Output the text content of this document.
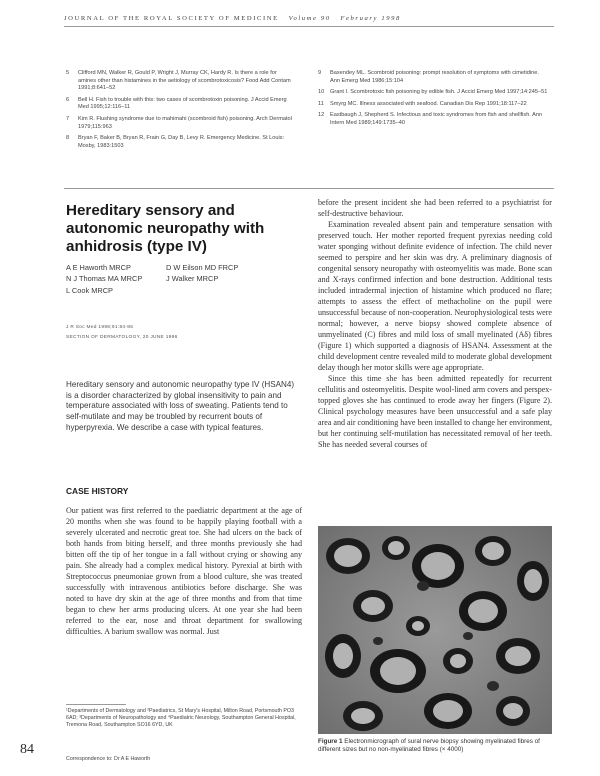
JOURNAL OF THE ROYAL SOCIETY OF MEDICINE Volume 90 February 1998
5	Clifford MN, Walker R, Gould P, Wright J, Murray CK, Hardy R. Is there a role for amines other than histamines in the aetiology of scombrotoxicosis? Food Add Contam 1991;8:641–52
6	Bell H. Fish to trouble with this: two cases of scombrotoxin poisoning. J Accid Emerg Med 1995;12:116–11
7	Kim R. Flushing syndrome due to mahimahi (scombroid fish) poisoning. Arch Dermatol 1979;115:963
8	Bryan F, Baker B, Bryan R, Frain G, Day B, Levy R. Emergency Medicine. St Louis: Mosby, 1983:1503
9	Baxendey ML. Scombroid poisoning: prompt resolution of symptoms with cimetidine. Ann Emerg Med 1986;15:104
10	Grant I. Scombrotoxic fish poisoning by edible fish. J Accid Emerg Med 1997;14:245–51
11	Smyrg MC. Illness associated with seafood. Canadian Dis Rep 1991;18:117–22
12	Eastbaugh J, Shepherd S. Infectious and toxic syndromes from fish and shellfish. Ann Intern Med 1989;149:1735–40
Hereditary sensory and autonomic neuropathy with anhidrosis (type IV)
A E Haworth MRCP	D W Eilson MD FRCP
N J Thomas MA MRCP	J Walker MRCP
L Cook MRCP
J R Soc Med 1998;91:84-86
SECTION OF DERMATOLOGY, 20 JUNE 1996
Hereditary sensory and autonomic neuropathy type IV (HSAN4) is a disorder characterized by global insensitivity to pain and temperature associated with loss of sweating. Patients tend to self-mutilate and may be troubled by recurrent bouts of hyperpyrexia. We describe a case with typical features.
CASE HISTORY
Our patient was first referred to the paediatric department at the age of 20 months when she was found to be happily playing football with a severely ulcerated and necrotic great toe. She had ulcers on the back of both hands from biting herself, and three months previously she had bitten off the tip of her tongue in a fall without crying or showing any pain. She already had a complex medical history. Pyrexial at birth with Streptococcus pneumoniae grown from a blood culture, she was treated successfully with intravenous antibiotics before discharge. She was noted to have dry skin at the age of three months and from that time began to chew her arms producing ulcers. At one year she had been referred to the ear, nose and throat department for swallowing difficulties. A barium swallow was normal. Just

before the present incident she had been referred to a psychiatrist for self-destructive behaviour.

Examination revealed absent pain and temperature sensation with preserved touch. Her mother reported frequent pyrexias needing cold water sponging without definite evidence of infection. The child never seemed to perspire and her skin was dry. A preliminary diagnosis of congenital sensory neuropathy with osteomyelitis was made. Bone scan and X-rays confirmed infection and bone destruction. Additional tests included intradermal injection of histamine which produced no flare; attempts to assess the effect of methacholine on the pupil were unsuccessful because of non-cooperation. Neurophysiological tests were normal; however, a nerve biopsy showed complete absence of unmyelinated (C) fibres and mild loss of small myelinated (Aδ) fibres (Figure 1) which supported a diagnosis of HSAN4. Assessment at the child development centre revealed mild to moderate global development delay though her motor skills were age appropriate.

Since this time she has been admitted repeatedly for recurrent cellulitis and osteomyelitis. Despite wool-lined arm covers and perspex-topped gloves she has continued to erode away her fingers (Figure 2). Clinical psychology measures have been unsuccessful and a safe play area and air conditioning have been installed to change her environment, but her continuing self-mutilation has necessitated removal of her teeth. She has needed several courses of

Figure 1 Electronmicrograph of sural nerve biopsy showing myelinated fibres of different sizes but no non-myelinated fibres (× 4000)
¹Departments of Dermatology and ²Paediatrics, St Mary's Hospital, Milton Road, Portsmouth PO3 6AD; ³Departments of Neuropathology and ⁴Paediatric Neurology, Southampton General Hospital, Tremona Road, Southampton SO16 6YD, UK
Correspondence to: Dr A E Haworth
84
